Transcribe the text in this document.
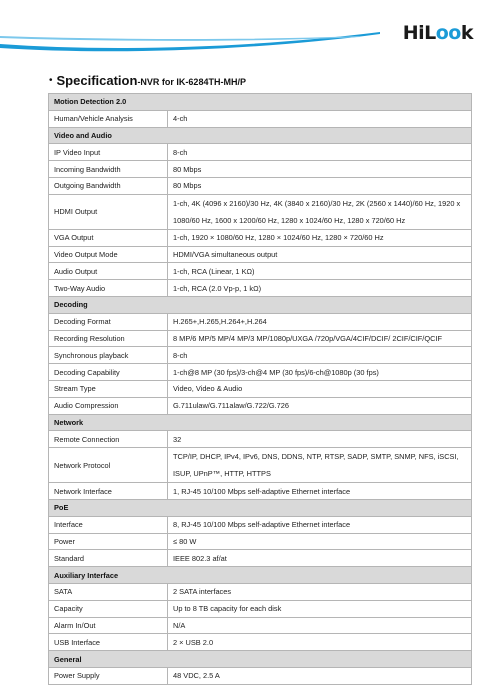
HiLook
• Specification-NVR for IK-6284TH-MH/P
Motion Detection 2.0	
Human/Vehicle Analysis	4-ch
Video and Audio	
IP Video Input	8-ch
Incoming Bandwidth	80 Mbps
Outgoing Bandwidth	80 Mbps
HDMI Output	1-ch, 4K (4096 x 2160)/30 Hz, 4K (3840 x 2160)/30 Hz, 2K (2560 x 1440)/60 Hz, 1920 x 1080/60 Hz, 1600 x 1200/60 Hz, 1280 x 1024/60 Hz, 1280 x 720/60 Hz
VGA Output	1-ch, 1920 × 1080/60 Hz, 1280 × 1024/60 Hz, 1280 × 720/60 Hz
Video Output Mode	HDMI/VGA simultaneous output
Audio Output	1-ch, RCA (Linear, 1 KΩ)
Two-Way Audio	1-ch, RCA (2.0 Vp-p, 1 kΩ)
Decoding	
Decoding Format	H.265+,H.265,H.264+,H.264
Recording Resolution	8 MP/6 MP/5 MP/4 MP/3 MP/1080p/UXGA /720p/VGA/4CIF/DCIF/ 2CIF/CIF/QCIF
Synchronous playback	8-ch
Decoding Capability	1-ch@8 MP (30 fps)/3-ch@4 MP (30 fps)/6-ch@1080p (30 fps)
Stream Type	Video, Video & Audio
Audio Compression	G.711ulaw/G.711alaw/G.722/G.726
Network	
Remote Connection	32
Network Protocol	TCP/IP, DHCP, IPv4, IPv6, DNS, DDNS, NTP, RTSP, SADP, SMTP, SNMP, NFS, iSCSI, ISUP, UPnP™, HTTP, HTTPS
Network Interface	1, RJ-45 10/100 Mbps self-adaptive Ethernet interface
PoE	
Interface	8, RJ-45 10/100 Mbps self-adaptive Ethernet interface
Power	≤ 80 W
Standard	IEEE 802.3 af/at
Auxiliary Interface	
SATA	2 SATA interfaces
Capacity	Up to 8 TB capacity for each disk
Alarm In/Out	N/A
USB Interface	2 × USB 2.0
General	
Power Supply	48 VDC, 2.5 A
